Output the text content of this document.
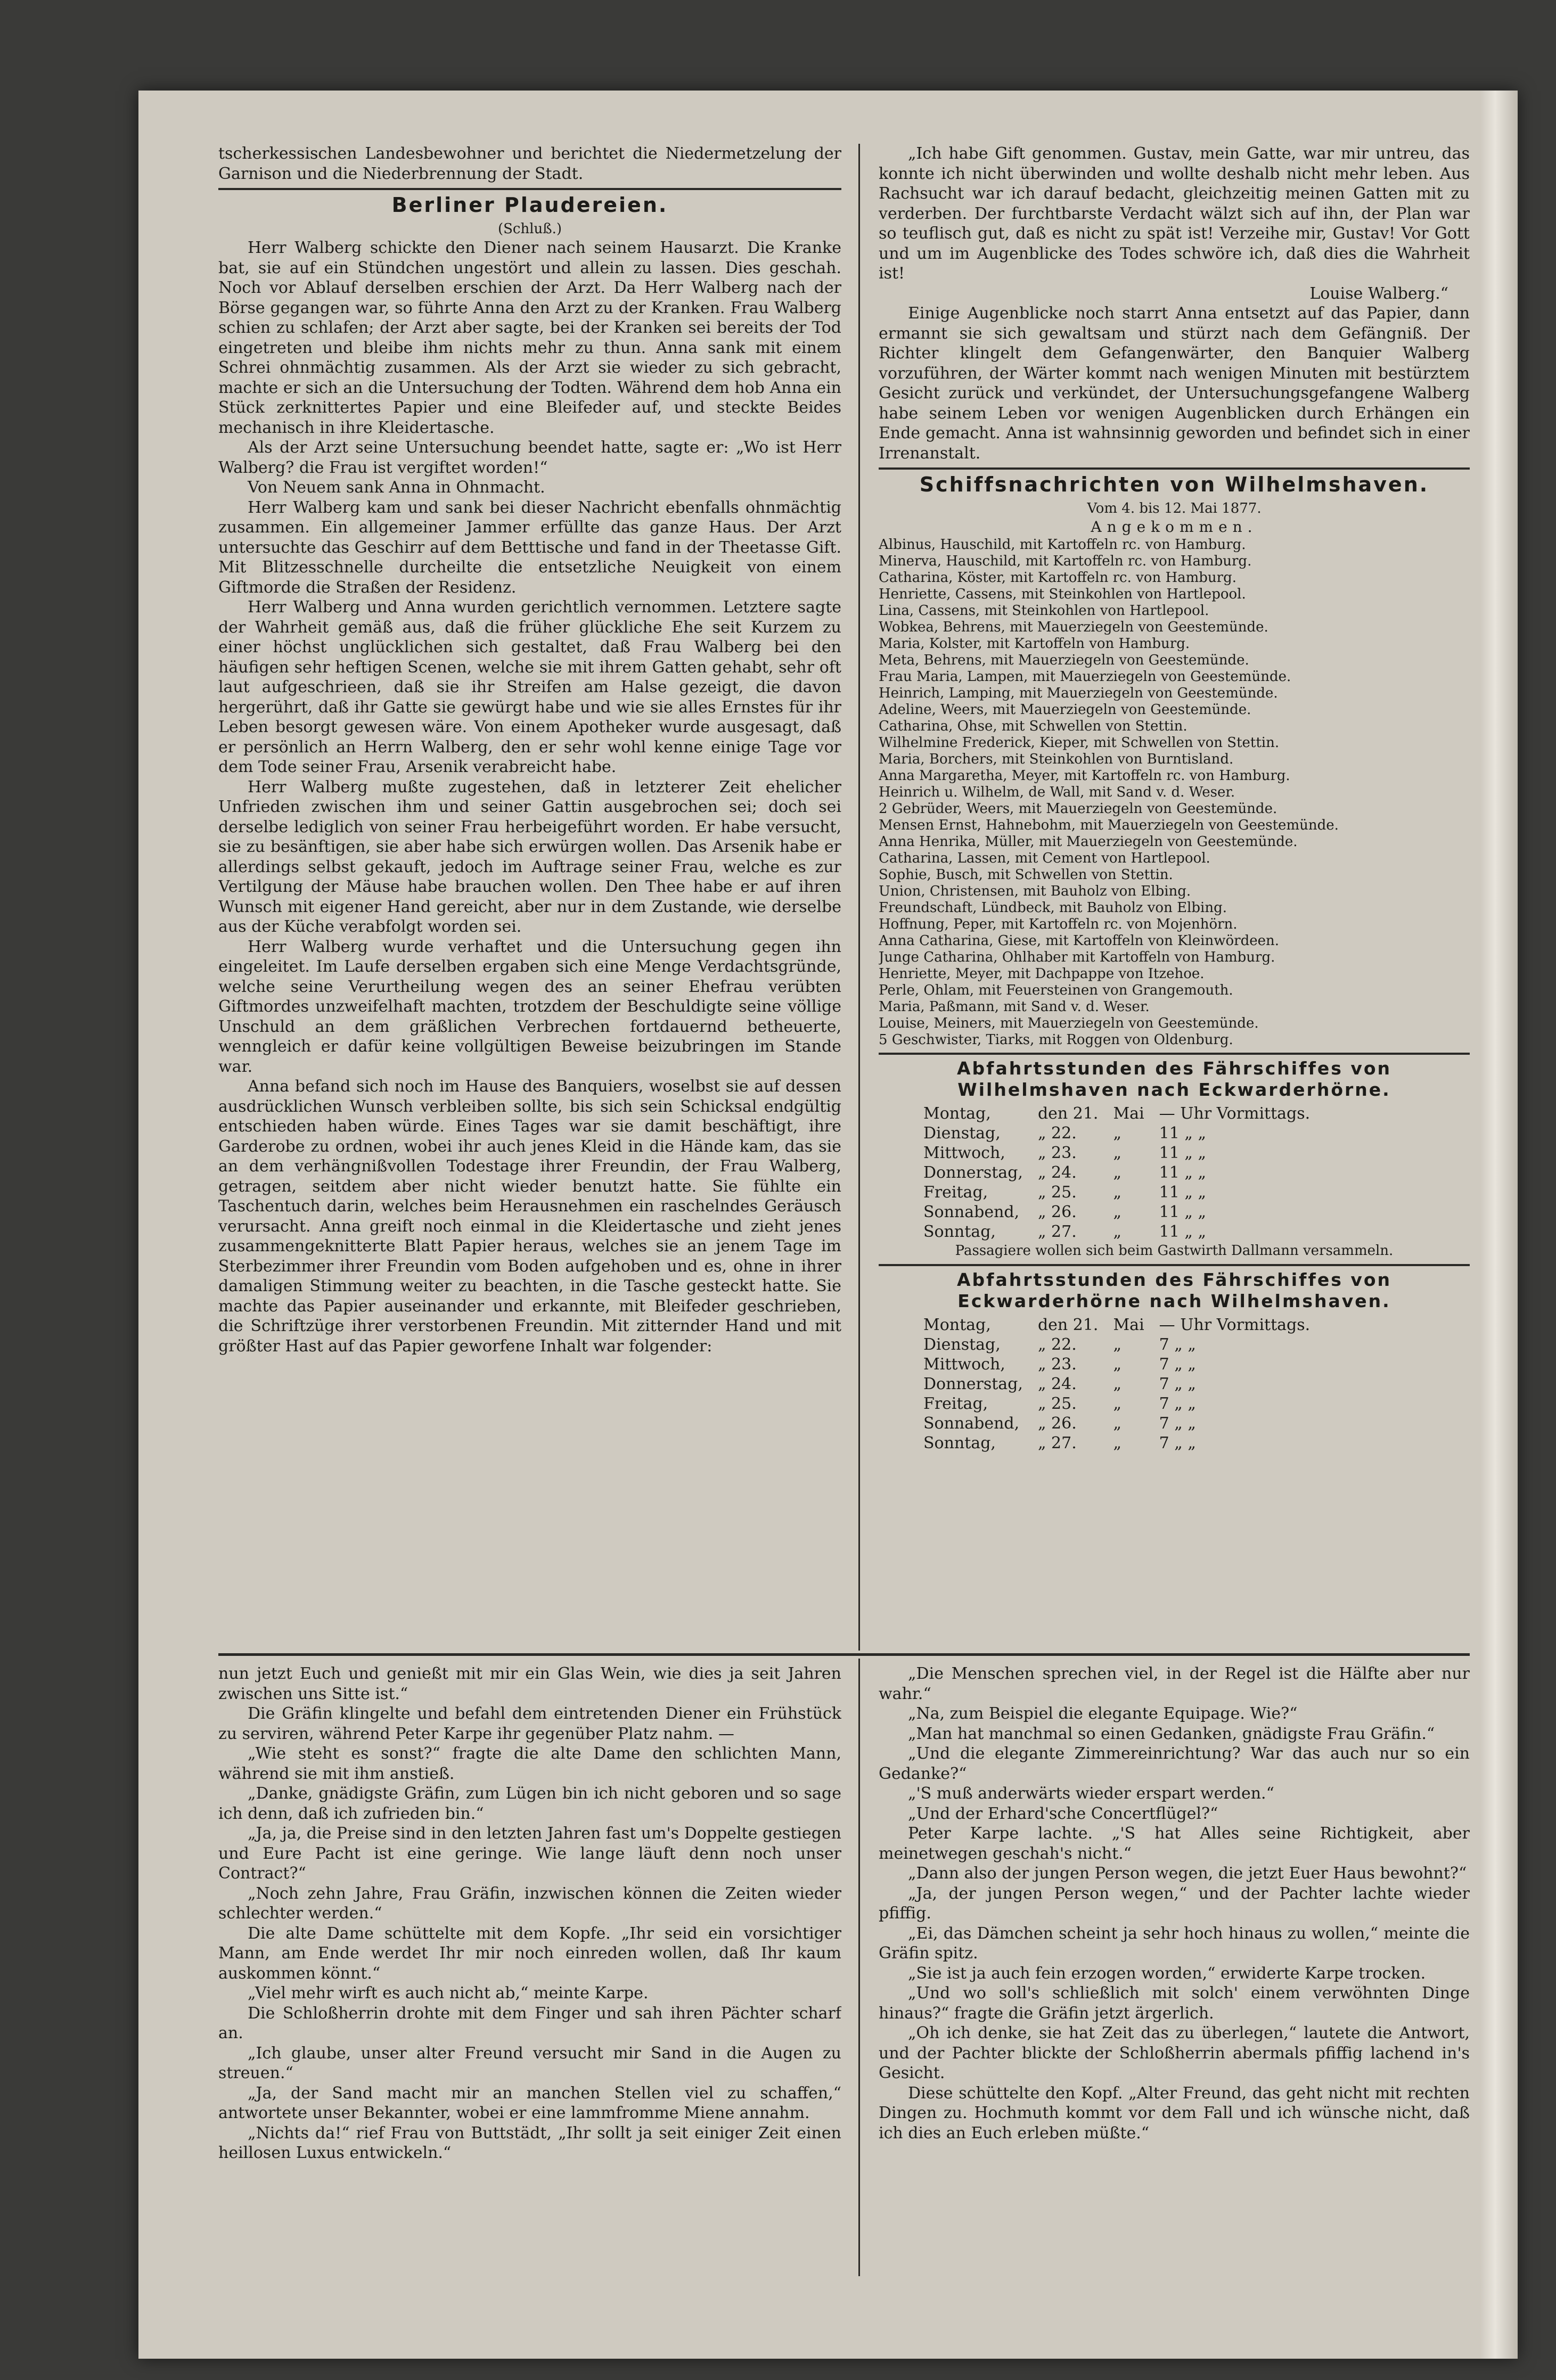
tscherkessischen Landesbewohner und berichtet die Niedermetzelung der Garnison und die Niederbrennung der Stadt.

Berliner Plaudereien.
(Schluß.)

Herr Walberg schickte den Diener nach seinem Hausarzt. Die Kranke bat, sie auf ein Stündchen ungestört und allein zu lassen. Dies geschah. Noch vor Ablauf derselben erschien der Arzt. Da Herr Walberg nach der Börse gegangen war, so führte Anna den Arzt zu der Kranken. Frau Walberg schien zu schlafen; der Arzt aber sagte, bei der Kranken sei bereits der Tod eingetreten und bleibe ihm nichts mehr zu thun. Anna sank mit einem Schrei ohnmächtig zusammen. Als der Arzt sie wieder zu sich gebracht, machte er sich an die Untersuchung der Todten. Während dem hob Anna ein Stück zerknittertes Papier und eine Bleifeder auf, und steckte Beides mechanisch in ihre Kleidertasche.

Als der Arzt seine Untersuchung beendet hatte, sagte er: „Wo ist Herr Walberg? die Frau ist vergiftet worden!“

Von Neuem sank Anna in Ohnmacht.

Herr Walberg kam und sank bei dieser Nachricht ebenfalls ohnmächtig zusammen. Ein allgemeiner Jammer erfüllte das ganze Haus. Der Arzt untersuchte das Geschirr auf dem Betttische und fand in der Theetasse Gift. Mit Blitzesschnelle durcheilte die entsetzliche Neuigkeit von einem Giftmorde die Straßen der Residenz.

Herr Walberg und Anna wurden gerichtlich vernommen. Letztere sagte der Wahrheit gemäß aus, daß die früher glückliche Ehe seit Kurzem zu einer höchst unglücklichen sich gestaltet, daß Frau Walberg bei den häufigen sehr heftigen Scenen, welche sie mit ihrem Gatten gehabt, sehr oft laut aufgeschrieen, daß sie ihr Streifen am Halse gezeigt, die davon hergerührt, daß ihr Gatte sie gewürgt habe und wie sie alles Ernstes für ihr Leben besorgt gewesen wäre. Von einem Apotheker wurde ausgesagt, daß er persönlich an Herrn Walberg, den er sehr wohl kenne einige Tage vor dem Tode seiner Frau, Arsenik verabreicht habe.

Herr Walberg mußte zugestehen, daß in letzterer Zeit ehelicher Unfrieden zwischen ihm und seiner Gattin ausgebrochen sei; doch sei derselbe lediglich von seiner Frau herbeigeführt worden. Er habe versucht, sie zu besänftigen, sie aber habe sich erwürgen wollen. Das Arsenik habe er allerdings selbst gekauft, jedoch im Auftrage seiner Frau, welche es zur Vertilgung der Mäuse habe brauchen wollen. Den Thee habe er auf ihren Wunsch mit eigener Hand gereicht, aber nur in dem Zustande, wie derselbe aus der Küche verabfolgt worden sei.

Herr Walberg wurde verhaftet und die Untersuchung gegen ihn eingeleitet. Im Laufe derselben ergaben sich eine Menge Verdachtsgründe, welche seine Verurtheilung wegen des an seiner Ehefrau verübten Giftmordes unzweifelhaft machten, trotzdem der Beschuldigte seine völlige Unschuld an dem gräßlichen Verbrechen fortdauernd betheuerte, wenngleich er dafür keine vollgültigen Beweise beizubringen im Stande war.

Anna befand sich noch im Hause des Banquiers, woselbst sie auf dessen ausdrücklichen Wunsch verbleiben sollte, bis sich sein Schicksal endgültig entschieden haben würde. Eines Tages war sie damit beschäftigt, ihre Garderobe zu ordnen, wobei ihr auch jenes Kleid in die Hände kam, das sie an dem verhängnißvollen Todestage ihrer Freundin, der Frau Walberg, getragen, seitdem aber nicht wieder benutzt hatte. Sie fühlte ein Taschentuch darin, welches beim Herausnehmen ein raschelndes Geräusch verursacht. Anna greift noch einmal in die Kleidertasche und zieht jenes zusammengeknitterte Blatt Papier heraus, welches sie an jenem Tage im Sterbezimmer ihrer Freundin vom Boden aufgehoben und es, ohne in ihrer damaligen Stimmung weiter zu beachten, in die Tasche gesteckt hatte. Sie machte das Papier auseinander und erkannte, mit Bleifeder geschrieben, die Schriftzüge ihrer verstorbenen Freundin. Mit zitternder Hand und mit größter Hast auf das Papier geworfene Inhalt war folgender:

„Ich habe Gift genommen. Gustav, mein Gatte, war mir untreu, das konnte ich nicht überwinden und wollte deshalb nicht mehr leben. Aus Rachsucht war ich darauf bedacht, gleichzeitig meinen Gatten mit zu verderben. Der furchtbarste Verdacht wälzt sich auf ihn, der Plan war so teuflisch gut, daß es nicht zu spät ist! Verzeihe mir, Gustav! Vor Gott und um im Augenblicke des Todes schwöre ich, daß dies die Wahrheit ist!

Louise Walberg.“

Einige Augenblicke noch starrt Anna entsetzt auf das Papier, dann ermannt sie sich gewaltsam und stürzt nach dem Gefängniß. Der Richter klingelt dem Gefangenwärter, den Banquier Walberg vorzuführen, der Wärter kommt nach wenigen Minuten mit bestürztem Gesicht zurück und verkündet, der Untersuchungsgefangene Walberg habe seinem Leben vor wenigen Augenblicken durch Erhängen ein Ende gemacht. Anna ist wahnsinnig geworden und befindet sich in einer Irrenanstalt.

Schiffsnachrichten von Wilhelmshaven.
Vom 4. bis 12. Mai 1877.
Angekommen.

Albinus, Hauschild, mit Kartoffeln rc. von Hamburg.

Minerva, Hauschild, mit Kartoffeln rc. von Hamburg.

Catharina, Köster, mit Kartoffeln rc. von Hamburg.

Henriette, Cassens, mit Steinkohlen von Hartlepool.

Lina, Cassens, mit Steinkohlen von Hartlepool.

Wobkea, Behrens, mit Mauerziegeln von Geestemünde.

Maria, Kolster, mit Kartoffeln von Hamburg.

Meta, Behrens, mit Mauerziegeln von Geestemünde.

Frau Maria, Lampen, mit Mauerziegeln von Geestemünde.

Heinrich, Lamping, mit Mauerziegeln von Geestemünde.

Adeline, Weers, mit Mauerziegeln von Geestemünde.

Catharina, Ohse, mit Schwellen von Stettin.

Wilhelmine Frederick, Kieper, mit Schwellen von Stettin.

Maria, Borchers, mit Steinkohlen von Burntisland.

Anna Margaretha, Meyer, mit Kartoffeln rc. von Hamburg.

Heinrich u. Wilhelm, de Wall, mit Sand v. d. Weser.

2 Gebrüder, Weers, mit Mauerziegeln von Geestemünde.

Mensen Ernst, Hahnebohm, mit Mauerziegeln von Geestemünde.

Anna Henrika, Müller, mit Mauerziegeln von Geestemünde.

Catharina, Lassen, mit Cement von Hartlepool.

Sophie, Busch, mit Schwellen von Stettin.

Union, Christensen, mit Bauholz von Elbing.

Freundschaft, Lündbeck, mit Bauholz von Elbing.

Hoffnung, Peper, mit Kartoffeln rc. von Mojenhörn.

Anna Catharina, Giese, mit Kartoffeln von Kleinwördeen.

Junge Catharina, Ohlhaber mit Kartoffeln von Hamburg.

Henriette, Meyer, mit Dachpappe von Itzehoe.

Perle, Ohlam, mit Feuersteinen von Grangemouth.

Maria, Paßmann, mit Sand v. d. Weser.

Louise, Meiners, mit Mauerziegeln von Geestemünde.

5 Geschwister, Tiarks, mit Roggen von Oldenburg.

Abfahrtsstunden des Fährschiffes von Wilhelmshaven nach Eckwarderhörne.
Montag,	den 21.	Mai	— Uhr Vormittags.
Dienstag,	„ 22.	„	11 „ „
Mittwoch,	„ 23.	„	11 „ „
Donnerstag,	„ 24.	„	11 „ „
Freitag,	„ 25.	„	11 „ „
Sonnabend,	„ 26.	„	11 „ „
Sonntag,	„ 27.	„	11 „ „

Passagiere wollen sich beim Gastwirth Dallmann versammeln.

Abfahrtsstunden des Fährschiffes von Eckwarderhörne nach Wilhelmshaven.
Montag,	den 21.	Mai	— Uhr Vormittags.
Dienstag,	„ 22.	„	7 „ „
Mittwoch,	„ 23.	„	7 „ „
Donnerstag,	„ 24.	„	7 „ „
Freitag,	„ 25.	„	7 „ „
Sonnabend,	„ 26.	„	7 „ „
Sonntag,	„ 27.	„	7 „ „

nun jetzt Euch und genießt mit mir ein Glas Wein, wie dies ja seit Jahren zwischen uns Sitte ist.“

Die Gräfin klingelte und befahl dem eintretenden Diener ein Frühstück zu serviren, während Peter Karpe ihr gegenüber Platz nahm. —

„Wie steht es sonst?“ fragte die alte Dame den schlichten Mann, während sie mit ihm anstieß.

„Danke, gnädigste Gräfin, zum Lügen bin ich nicht geboren und so sage ich denn, daß ich zufrieden bin.“

„Ja, ja, die Preise sind in den letzten Jahren fast um's Doppelte gestiegen und Eure Pacht ist eine geringe. Wie lange läuft denn noch unser Contract?“

„Noch zehn Jahre, Frau Gräfin, inzwischen können die Zeiten wieder schlechter werden.“

Die alte Dame schüttelte mit dem Kopfe. „Ihr seid ein vorsichtiger Mann, am Ende werdet Ihr mir noch einreden wollen, daß Ihr kaum auskommen könnt.“

„Viel mehr wirft es auch nicht ab,“ meinte Karpe.

Die Schloßherrin drohte mit dem Finger und sah ihren Pächter scharf an.

„Ich glaube, unser alter Freund versucht mir Sand in die Augen zu streuen.“

„Ja, der Sand macht mir an manchen Stellen viel zu schaffen,“ antwortete unser Bekannter, wobei er eine lammfromme Miene annahm.

„Nichts da!“ rief Frau von Buttstädt, „Ihr sollt ja seit einiger Zeit einen heillosen Luxus entwickeln.“

„Die Menschen sprechen viel, in der Regel ist die Hälfte aber nur wahr.“

„Na, zum Beispiel die elegante Equipage. Wie?“

„Man hat manchmal so einen Gedanken, gnädigste Frau Gräfin.“

„Und die elegante Zimmereinrichtung? War das auch nur so ein Gedanke?“

„'S muß anderwärts wieder erspart werden.“

„Und der Erhard'sche Concertflügel?“

Peter Karpe lachte. „'S hat Alles seine Richtigkeit, aber meinetwegen geschah's nicht.“

„Dann also der jungen Person wegen, die jetzt Euer Haus bewohnt?“

„Ja, der jungen Person wegen,“ und der Pachter lachte wieder pfiffig.

„Ei, das Dämchen scheint ja sehr hoch hinaus zu wollen,“ meinte die Gräfin spitz.

„Sie ist ja auch fein erzogen worden,“ erwiderte Karpe trocken.

„Und wo soll's schließlich mit solch' einem verwöhnten Dinge hinaus?“ fragte die Gräfin jetzt ärgerlich.

„Oh ich denke, sie hat Zeit das zu überlegen,“ lautete die Antwort, und der Pachter blickte der Schloßherrin abermals pfiffig lachend in's Gesicht.

Diese schüttelte den Kopf. „Alter Freund, das geht nicht mit rechten Dingen zu. Hochmuth kommt vor dem Fall und ich wünsche nicht, daß ich dies an Euch erleben müßte.“
